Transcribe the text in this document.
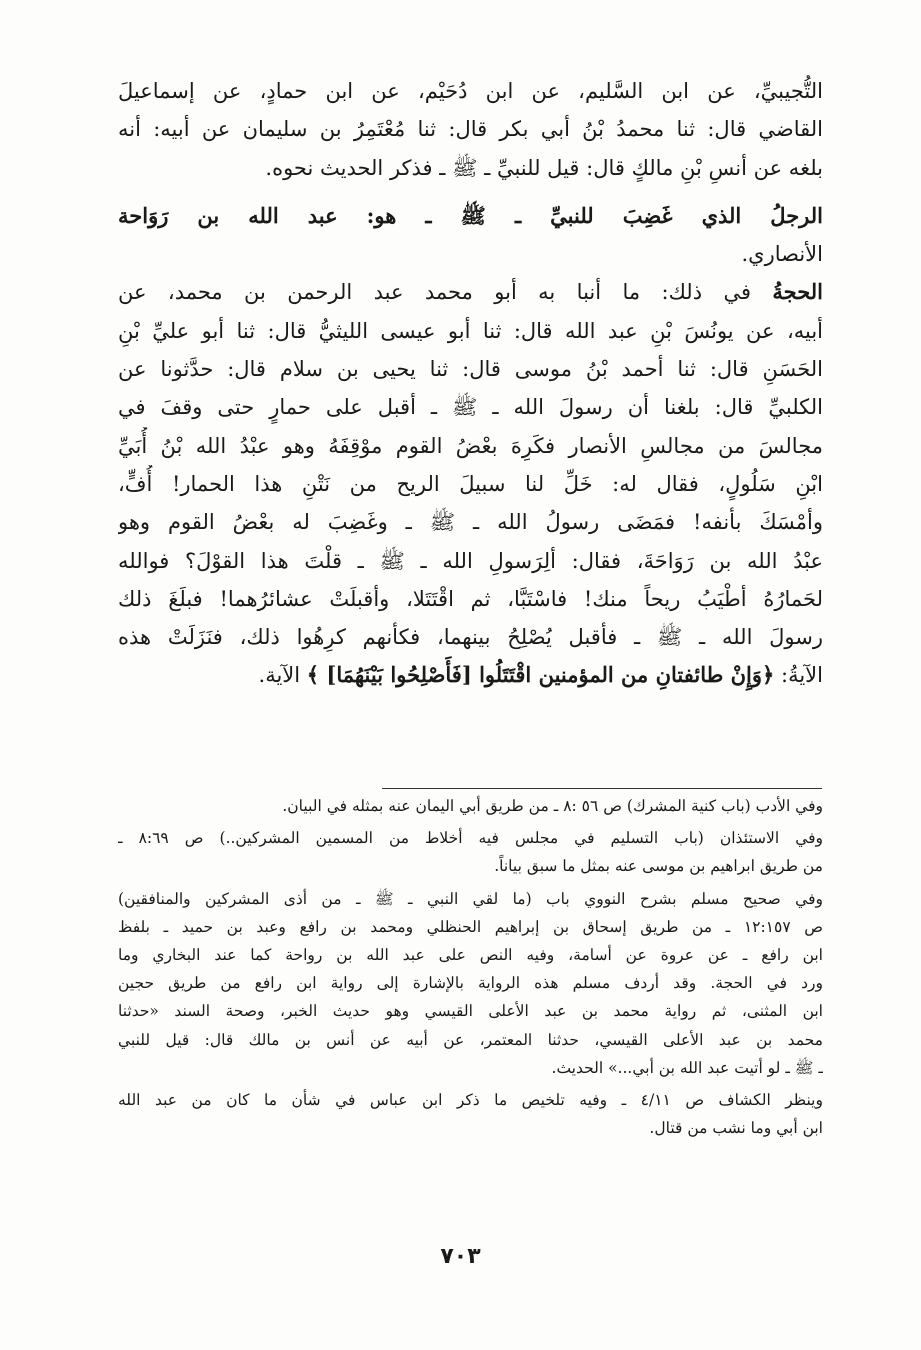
التُّجيبيِّ، عن ابن السَّليم، عن ابن دُحَيْم، عن ابن حمادٍ، عن إسماعيلَ
القاضي قال: ثنا محمدُ بْنُ أبي بكر قال: ثنا مُعْتَمِرُ بن سليمان عن أبيه: أنه
بلغه عن أنسِ بْنِ مالكٍ قال: قيل للنبيِّ ـ ﷺ ـ فذكر الحديث نحوه.
الرجلُ الذي غَضِبَ للنبيِّ ـ ﷺ ـ هو: عبد الله بن رَوَاحة
الأنصاري.
الحجةُ في ذلك: ما أنبا به أبو محمد عبد الرحمن بن محمد، عن
أبيه، عن يونُسَ بْنِ عبد الله قال: ثنا أبو عيسى الليثيُّ قال: ثنا أبو عليِّ بْنِ
الحَسَنِ قال: ثنا أحمد بْنُ موسى قال: ثنا يحيى بن سلام قال: حدَّثونا عن
الكلبيِّ قال: بلغنا أن رسولَ الله ـ ﷺ ـ أقبل على حمارٍ حتى وقفَ في
مجالسَ من مجالسِ الأنصار فكَرِهَ بعْضُ القوم موْقِفَهُ وهو عبْدُ الله بْنُ أُبَيِّ
ابْنِ سَلُولٍ، فقال له: خَلِّ لنا سبيلَ الريح من نَتْنِ هذا الحمار! أُفٍّ،
وأمْسَكَ بأنفه! فمَضَى رسولُ الله ـ ﷺ ـ وغَضِبَ له بعْضُ القوم وهو
عبْدُ الله بن رَوَاحَةَ، فقال: ألِرَسولِ الله ـ ﷺ ـ قلْتَ هذا القوْلَ؟ فوالله
لحَمارُهُ أطْيَبُ ريحاً منك! فاسْتَبَّا، ثم اقْتَتَلا، وأقبلَتْ عشائرُهما! فبلَغَ ذلك
رسولَ الله ـ ﷺ ـ فأقبل يُصْلِحُ بينهما، فكأنهم كرِهُوا ذلك، فنَزَلَتْ هذه
الآيةُ: ﴿وَإِنْ طائفتانِ من المؤمنين اقْتَتَلُوا [فَأَصْلِحُوا بَيْنَهُمَا] ﴾ الآية.
وفي الأدب (باب كنية المشرك) ص ٥٦ :٨ ـ من طريق أبي اليمان عنه بمثله في البيان.
وفي الاستئذان (باب التسليم في مجلس فيه أخلاط من المسمين المشركين..) ص ٨:٦٩ ـ
من طريق ابراهيم بن موسى عنه بمثل ما سبق بياناً.
وفي صحيح مسلم بشرح النووي باب (ما لقي النبي ـ ﷺ ـ من أذى المشركين والمنافقين)
ص ١٢:١٥٧ ـ من طريق إسحاق بن إبراهيم الحنظلي ومحمد بن رافع وعبد بن حميد ـ بلفظ
ابن رافع ـ عن عروة عن أسامة، وفيه النص على عبد الله بن رواحة كما عند البخاري وما
ورد في الحجة. وقد أردف مسلم هذه الرواية بالإشارة إلى رواية ابن رافع من طريق حجين
ابن المثنى، ثم رواية محمد بن عبد الأعلى القيسي وهو حديث الخبر، وصحة السند «حدثنا
محمد بن عبد الأعلى القيسي، حدثنا المعتمر، عن أبيه عن أنس بن مالك قال: قيل للنبي
ـ ﷺ ـ لو أتيت عبد الله بن أبي...» الحديث.
وينظر الكشاف ص ٤/١١ ـ وفيه تلخيص ما ذكر ابن عباس في شأن ما كان من عبد الله
ابن أبي وما نشب من قتال.
٧٠٣
